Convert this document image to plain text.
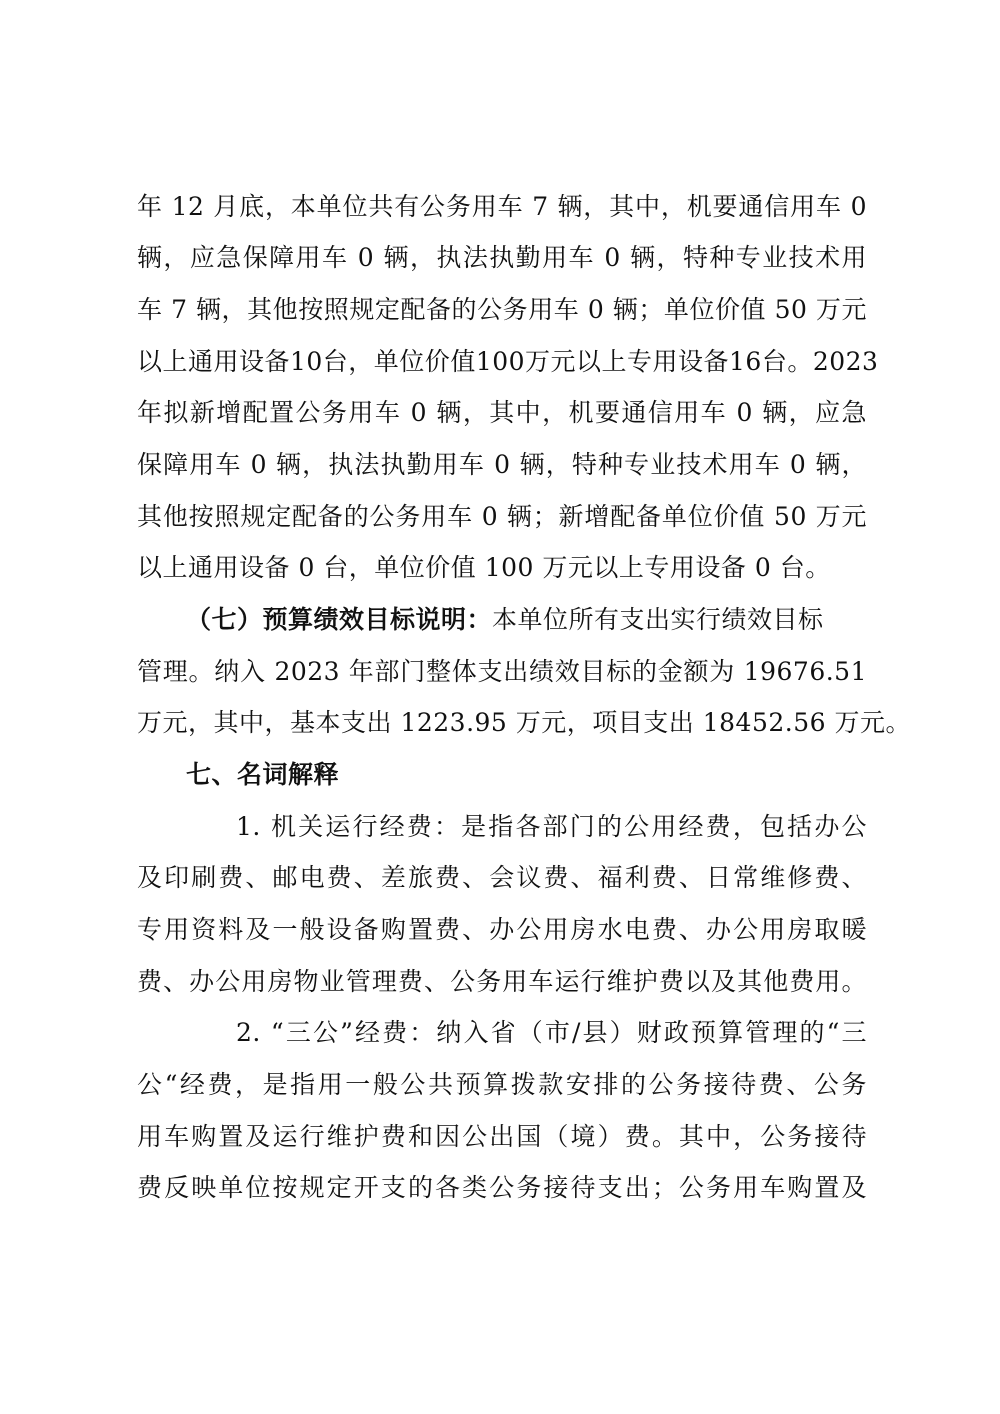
年 12 月底，本单位共有公务用车 7 辆，其中，机要通信用车 0
辆，应急保障用车 0 辆，执法执勤用车 0 辆，特种专业技术用
车 7 辆，其他按照规定配备的公务用车 0 辆；单位价值 50 万元
以上通用设备10台，单位价值100万元以上专用设备16台。2023
年拟新增配置公务用车 0 辆，其中，机要通信用车 0 辆，应急
保障用车 0 辆，执法执勤用车 0 辆，特种专业技术用车 0 辆，
其他按照规定配备的公务用车 0 辆；新增配备单位价值 50 万元
以上通用设备 0 台，单位价值 100 万元以上专用设备 0 台。
（七）预算绩效目标说明：本单位所有支出实行绩效目标
管理。纳入 2023 年部门整体支出绩效目标的金额为 19676.51
万元，其中，基本支出 1223.95 万元，项目支出 18452.56 万元。
七、名词解释
1. 机关运行经费：是指各部门的公用经费，包括办公
及印刷费、邮电费、差旅费、会议费、福利费、日常维修费、
专用资料及一般设备购置费、办公用房水电费、办公用房取暖
费、办公用房物业管理费、公务用车运行维护费以及其他费用。
2. “三公”经费：纳入省（市/县）财政预算管理的“三
公“经费，是指用一般公共预算拨款安排的公务接待费、公务
用车购置及运行维护费和因公出国（境）费。其中，公务接待
费反映单位按规定开支的各类公务接待支出；公务用车购置及
